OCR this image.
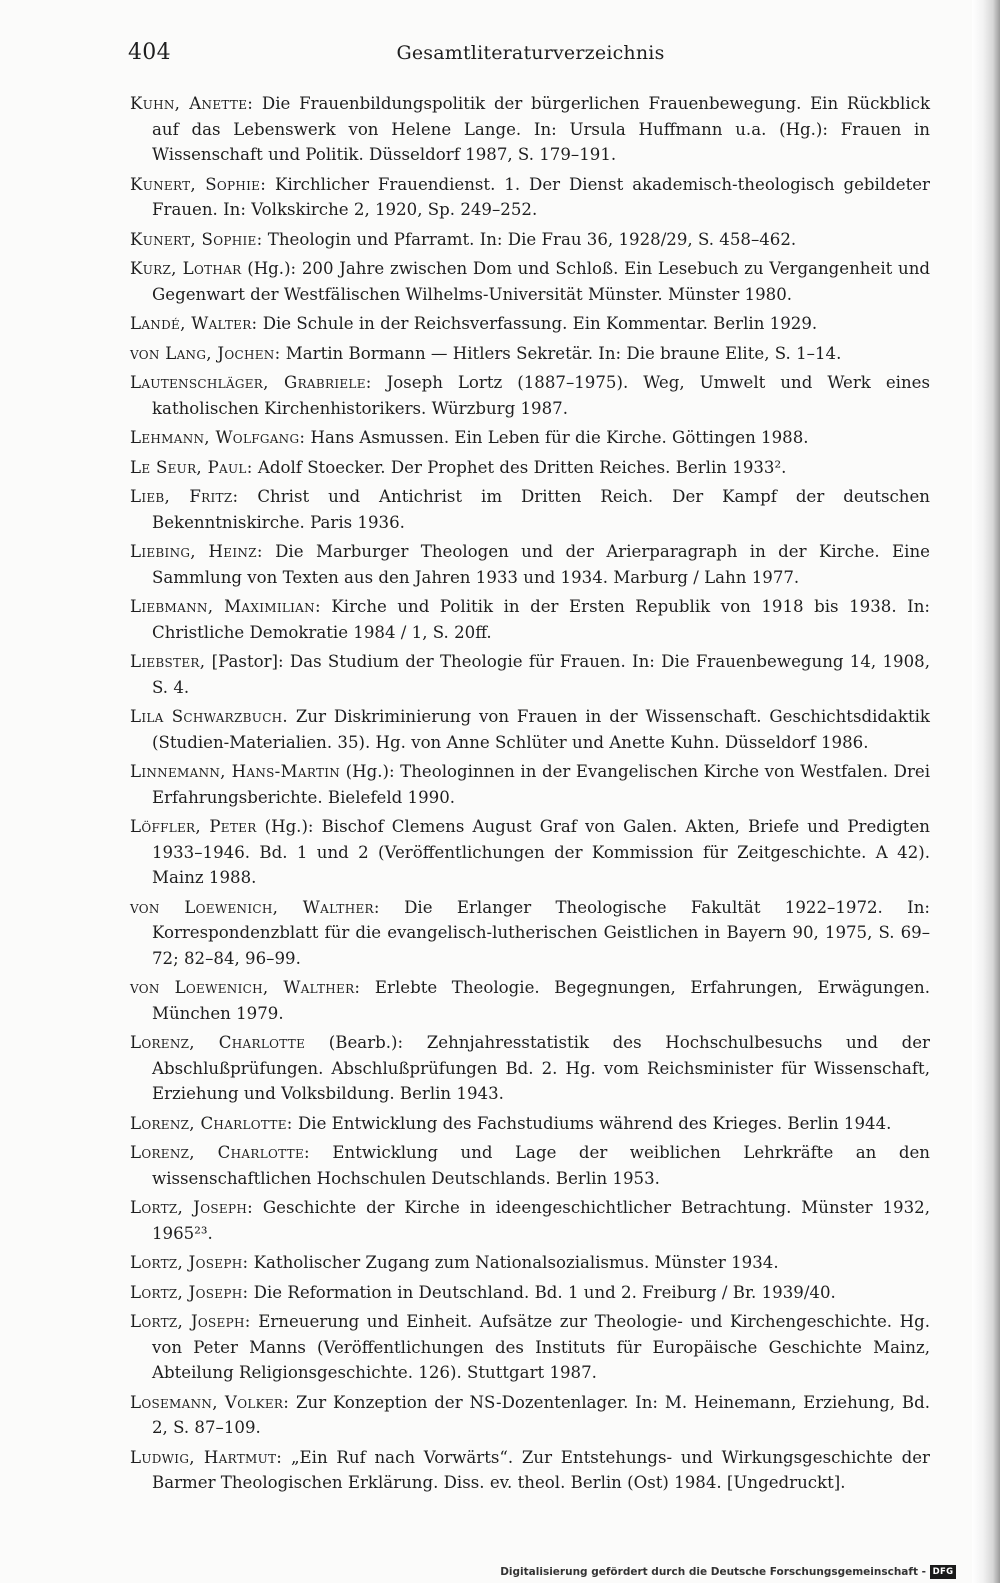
404	Gesamtliteraturverzeichnis

Kuhn, Anette: Die Frauenbildungspolitik der bürgerlichen Frauenbewegung. Ein Rückblick auf das Lebenswerk von Helene Lange. In: Ursula Huffmann u.a. (Hg.): Frauen in Wissenschaft und Politik. Düsseldorf 1987, S. 179–191.

Kunert, Sophie: Kirchlicher Frauendienst. 1. Der Dienst akademisch-theologisch gebildeter Frauen. In: Volkskirche 2, 1920, Sp. 249–252.

Kunert, Sophie: Theologin und Pfarramt. In: Die Frau 36, 1928/29, S. 458–462.

Kurz, Lothar (Hg.): 200 Jahre zwischen Dom und Schloß. Ein Lesebuch zu Vergangenheit und Gegenwart der Westfälischen Wilhelms-Universität Münster. Münster 1980.

Landé, Walter: Die Schule in der Reichsverfassung. Ein Kommentar. Berlin 1929.

von Lang, Jochen: Martin Bormann — Hitlers Sekretär. In: Die braune Elite, S. 1–14.

Lautenschläger, Grabriele: Joseph Lortz (1887–1975). Weg, Umwelt und Werk eines katholischen Kirchenhistorikers. Würzburg 1987.

Lehmann, Wolfgang: Hans Asmussen. Ein Leben für die Kirche. Göttingen 1988.

Le Seur, Paul: Adolf Stoecker. Der Prophet des Dritten Reiches. Berlin 1933².

Lieb, Fritz: Christ und Antichrist im Dritten Reich. Der Kampf der deutschen Bekenntniskirche. Paris 1936.

Liebing, Heinz: Die Marburger Theologen und der Arierparagraph in der Kirche. Eine Sammlung von Texten aus den Jahren 1933 und 1934. Marburg / Lahn 1977.

Liebmann, Maximilian: Kirche und Politik in der Ersten Republik von 1918 bis 1938. In: Christliche Demokratie 1984 / 1, S. 20ff.

Liebster, [Pastor]: Das Studium der Theologie für Frauen. In: Die Frauenbewegung 14, 1908, S. 4.

Lila Schwarzbuch. Zur Diskriminierung von Frauen in der Wissenschaft. Geschichtsdidaktik (Studien-Materialien. 35). Hg. von Anne Schlüter und Anette Kuhn. Düsseldorf 1986.

Linnemann, Hans-Martin (Hg.): Theologinnen in der Evangelischen Kirche von Westfalen. Drei Erfahrungsberichte. Bielefeld 1990.

Löffler, Peter (Hg.): Bischof Clemens August Graf von Galen. Akten, Briefe und Predigten 1933–1946. Bd. 1 und 2 (Veröffentlichungen der Kommission für Zeitgeschichte. A 42). Mainz 1988.

von Loewenich, Walther: Die Erlanger Theologische Fakultät 1922–1972. In: Korrespondenzblatt für die evangelisch-lutherischen Geistlichen in Bayern 90, 1975, S. 69–72; 82–84, 96–99.

von Loewenich, Walther: Erlebte Theologie. Begegnungen, Erfahrungen, Erwägungen. München 1979.

Lorenz, Charlotte (Bearb.): Zehnjahresstatistik des Hochschulbesuchs und der Abschlußprüfungen. Abschlußprüfungen Bd. 2. Hg. vom Reichsminister für Wissenschaft, Erziehung und Volksbildung. Berlin 1943.

Lorenz, Charlotte: Die Entwicklung des Fachstudiums während des Krieges. Berlin 1944.

Lorenz, Charlotte: Entwicklung und Lage der weiblichen Lehrkräfte an den wissenschaftlichen Hochschulen Deutschlands. Berlin 1953.

Lortz, Joseph: Geschichte der Kirche in ideengeschichtlicher Betrachtung. Münster 1932, 1965²³.

Lortz, Joseph: Katholischer Zugang zum Nationalsozialismus. Münster 1934.

Lortz, Joseph: Die Reformation in Deutschland. Bd. 1 und 2. Freiburg / Br. 1939/40.

Lortz, Joseph: Erneuerung und Einheit. Aufsätze zur Theologie- und Kirchengeschichte. Hg. von Peter Manns (Veröffentlichungen des Instituts für Europäische Geschichte Mainz, Abteilung Religionsgeschichte. 126). Stuttgart 1987.

Losemann, Volker: Zur Konzeption der NS-Dozentenlager. In: M. Heinemann, Erziehung, Bd. 2, S. 87–109.

Ludwig, Hartmut: „Ein Ruf nach Vorwärts“. Zur Entstehungs- und Wirkungsgeschichte der Barmer Theologischen Erklärung. Diss. ev. theol. Berlin (Ost) 1984. [Ungedruckt].

Digitalisierung gefördert durch die Deutsche Forschungsgemeinschaft - DFG
